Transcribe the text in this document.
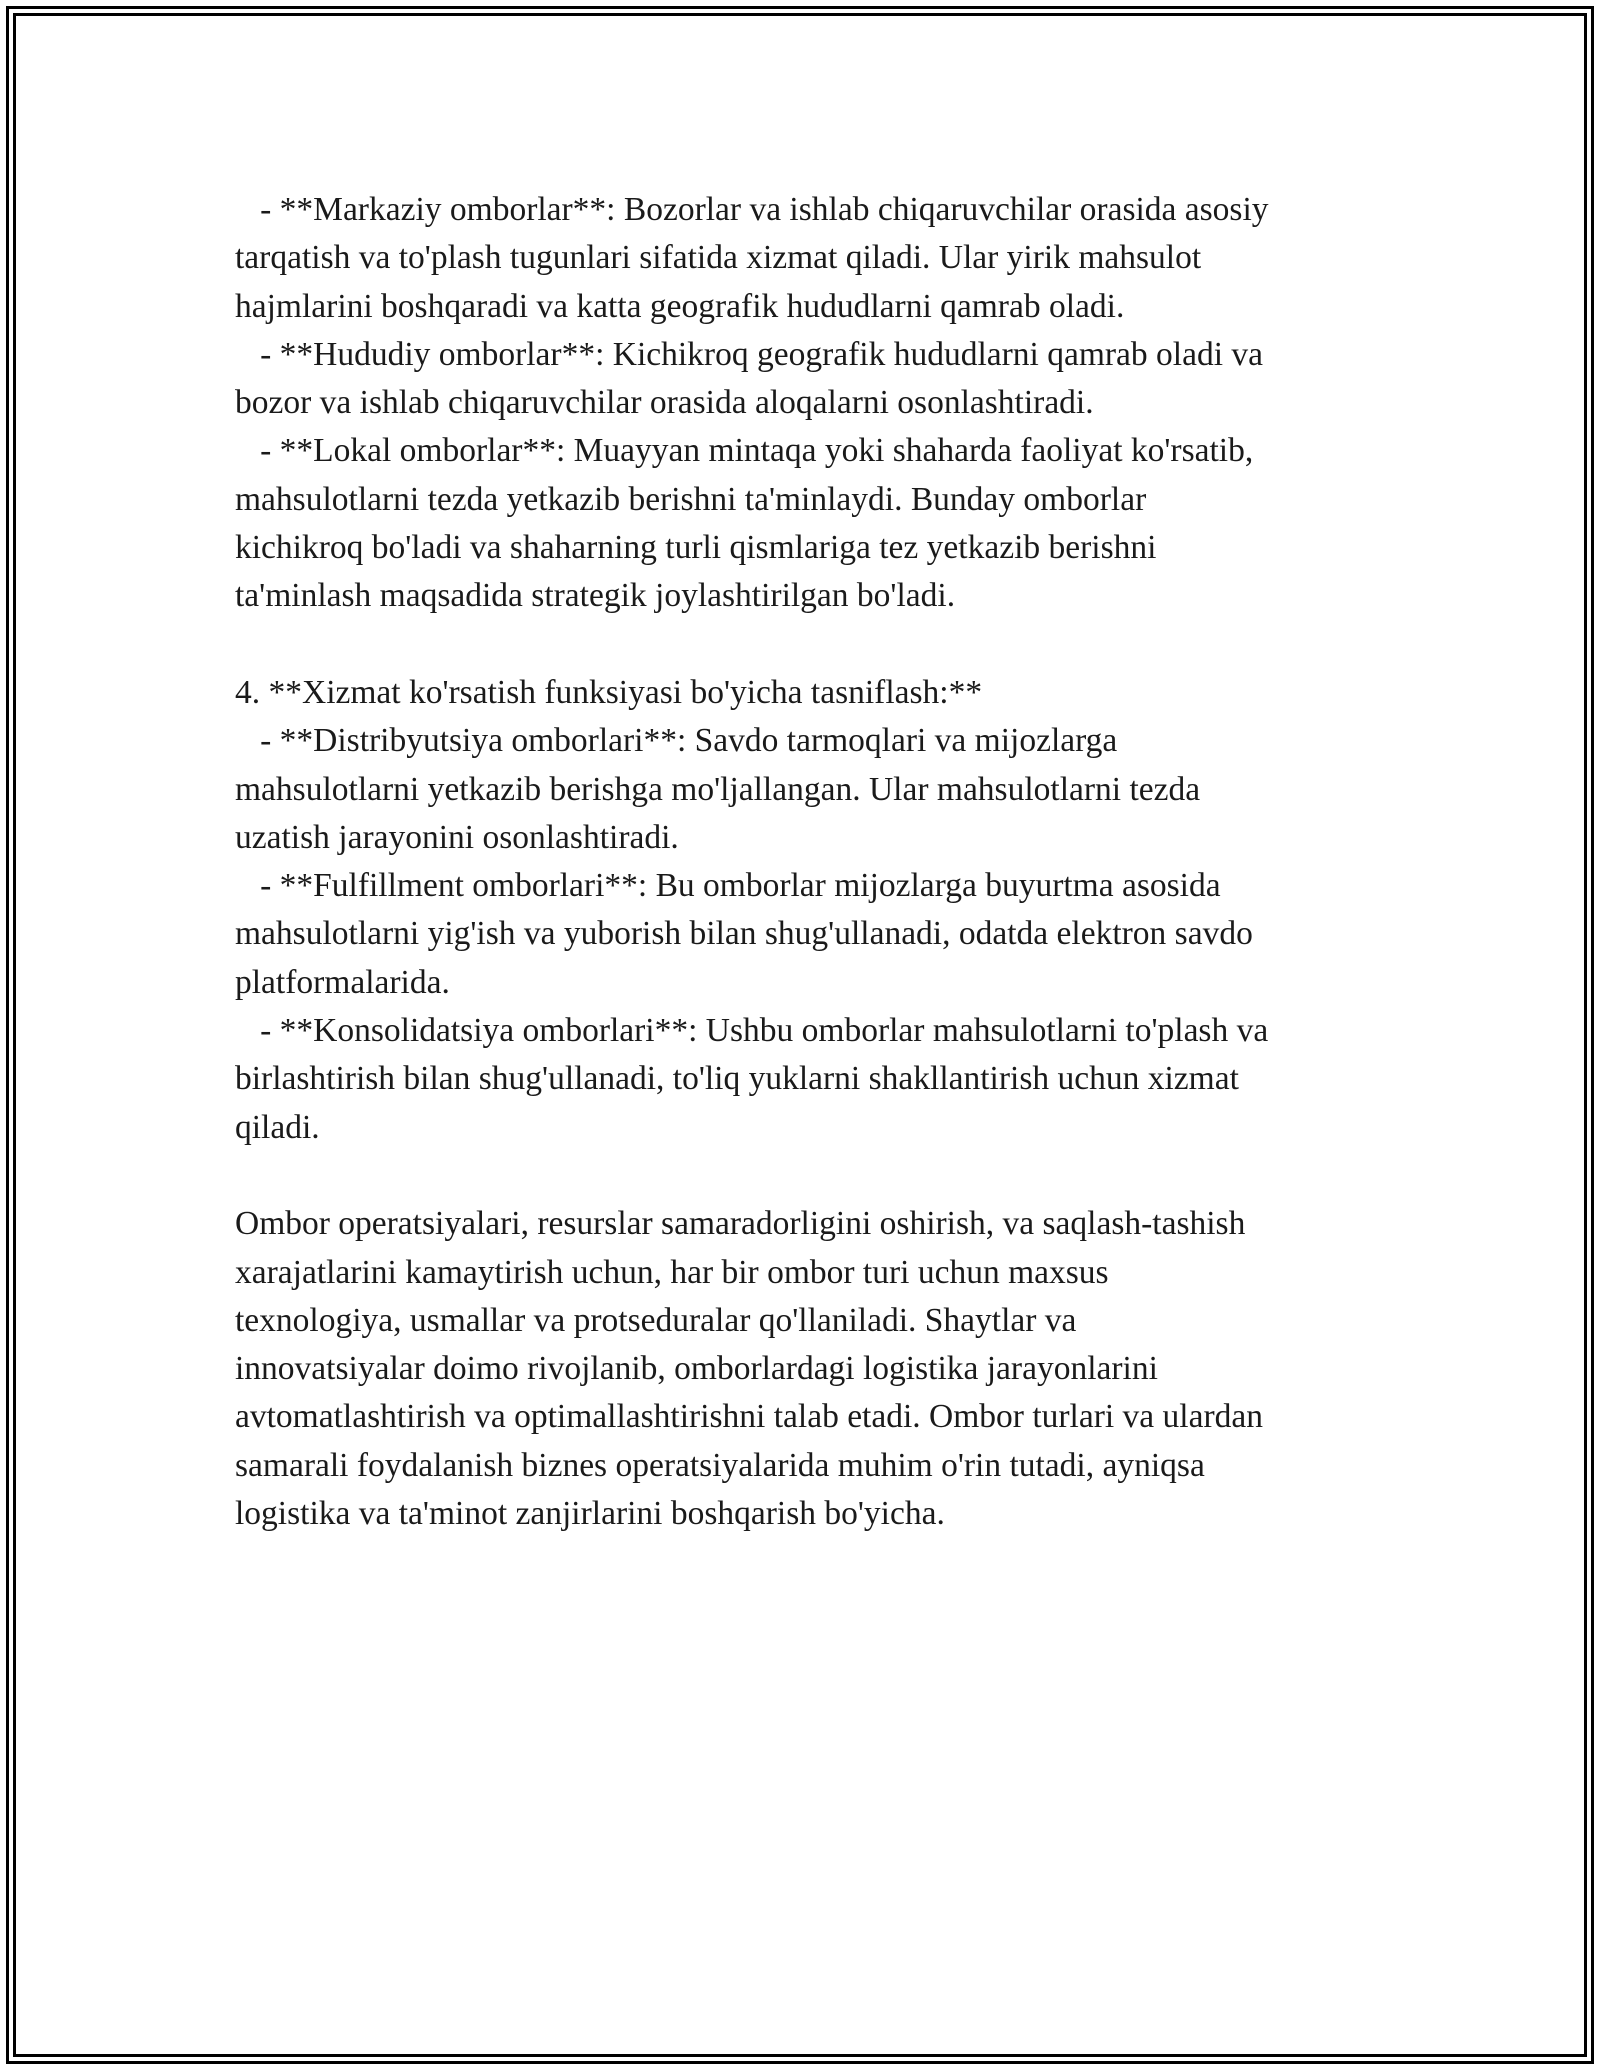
- **Markaziy omborlar**: Bozorlar va ishlab chiqaruvchilar orasida asosiy
tarqatish va to'plash tugunlari sifatida xizmat qiladi. Ular yirik mahsulot
hajmlarini boshqaradi va katta geografik hududlarni qamrab oladi.
- **Hududiy omborlar**: Kichikroq geografik hududlarni qamrab oladi va
bozor va ishlab chiqaruvchilar orasida aloqalarni osonlashtiradi.
- **Lokal omborlar**: Muayyan mintaqa yoki shaharda faoliyat ko'rsatib,
mahsulotlarni tezda yetkazib berishni ta'minlaydi. Bunday omborlar
kichikroq bo'ladi va shaharning turli qismlariga tez yetkazib berishni
ta'minlash maqsadida strategik joylashtirilgan bo'ladi.
4. **Xizmat ko'rsatish funksiyasi bo'yicha tasniflash:**
- **Distribyutsiya omborlari**: Savdo tarmoqlari va mijozlarga
mahsulotlarni yetkazib berishga mo'ljallangan. Ular mahsulotlarni tezda
uzatish jarayonini osonlashtiradi.
- **Fulfillment omborlari**: Bu omborlar mijozlarga buyurtma asosida
mahsulotlarni yig'ish va yuborish bilan shug'ullanadi, odatda elektron savdo
platformalarida.
- **Konsolidatsiya omborlari**: Ushbu omborlar mahsulotlarni to'plash va
birlashtirish bilan shug'ullanadi, to'liq yuklarni shakllantirish uchun xizmat
qiladi.
Ombor operatsiyalari, resurslar samaradorligini oshirish, va saqlash-tashish
xarajatlarini kamaytirish uchun, har bir ombor turi uchun maxsus
texnologiya, usmallar va protseduralar qo'llaniladi. Shaytlar va
innovatsiyalar doimo rivojlanib, omborlardagi logistika jarayonlarini
avtomatlashtirish va optimallashtirishni talab etadi. Ombor turlari va ulardan
samarali foydalanish biznes operatsiyalarida muhim o'rin tutadi, ayniqsa
logistika va ta'minot zanjirlarini boshqarish bo'yicha.
